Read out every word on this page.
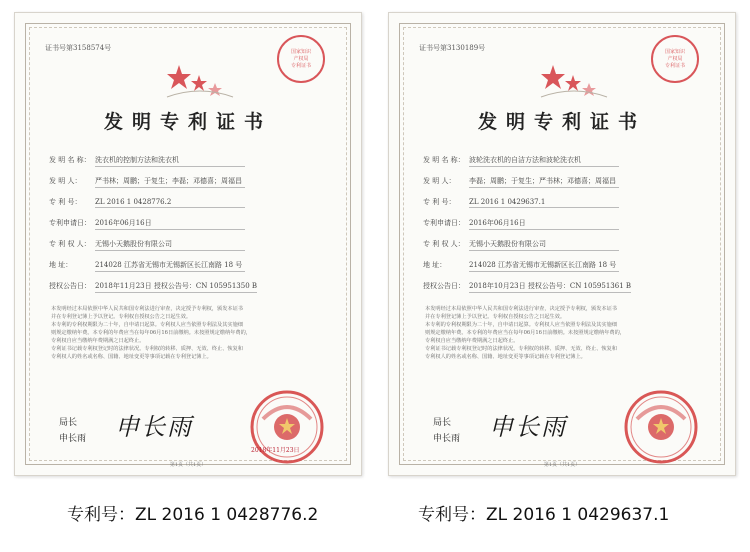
证书号第3158574号	国家知识
产权局
专利证书
发明专利证书
发 明 名 称： 洗衣机的控制方法和洗衣机
发 明 人： 严书林；周鹏；于复生；李磊；邓德喜；周福昌
专 利 号： ZL 2016 1 0428776.2
专利申请日： 2016年06月16日
专 利 权 人： 无锡小天鹅股份有限公司
地 址：	214028 江苏省无锡市无锡新区长江南路 18 号
授权公告日： 2018年11月23日 授权公告号：CN 105951350 B
本发明经过本局依照中华人民共和国专利法进行审查，决定授予专利权，颁发本证书
并在专利登记簿上予以登记。专利权自授权公告之日起生效。
本专利的专利权期限为二十年，自申请日起算。专利权人应当依照专利法及其实施细
则规定缴纳年费。本专利的年费应当在每年06月16日前缴纳。未按照规定缴纳年费的，
专利权自应当缴纳年费期满之日起终止。
专利证书记载专利权登记时的法律状况。专利权的转移、质押、无效、终止、恢复和
专利权人的姓名或名称、国籍、地址变更等事项记载在专利登记簿上。
局长
申长雨 申长雨
2018年11月23日
第1页（共1页）
证书号第3130189号	国家知识
产权局
专利证书
发明专利证书
发 明 名 称： 波轮洗衣机的自洁方法和波轮洗衣机
发 明 人： 李磊；周鹏；于复生；严书林；邓德喜；周福昌
专 利 号： ZL 2016 1 0429637.1
专利申请日： 2016年06月16日
专 利 权 人： 无锡小天鹅股份有限公司
地 址：	214028 江苏省无锡市无锡新区长江南路 18 号
授权公告日： 2018年10月23日 授权公告号：CN 105951361 B
本发明经过本局依照中华人民共和国专利法进行审查，决定授予专利权，颁发本证书
并在专利登记簿上予以登记。专利权自授权公告之日起生效。
本专利的专利权期限为二十年，自申请日起算。专利权人应当依照专利法及其实施细
则规定缴纳年费。本专利的年费应当在每年06月16日前缴纳。未按照规定缴纳年费的，
专利权自应当缴纳年费期满之日起终止。
专利证书记载专利权登记时的法律状况。专利权的转移、质押、无效、终止、恢复和
专利权人的姓名或名称、国籍、地址变更等事项记载在专利登记簿上。
局长
申长雨 申长雨
第1页（共1页）
专利号：ZL 2016 1 0428776.2	专利号：ZL 2016 1 0429637.1
